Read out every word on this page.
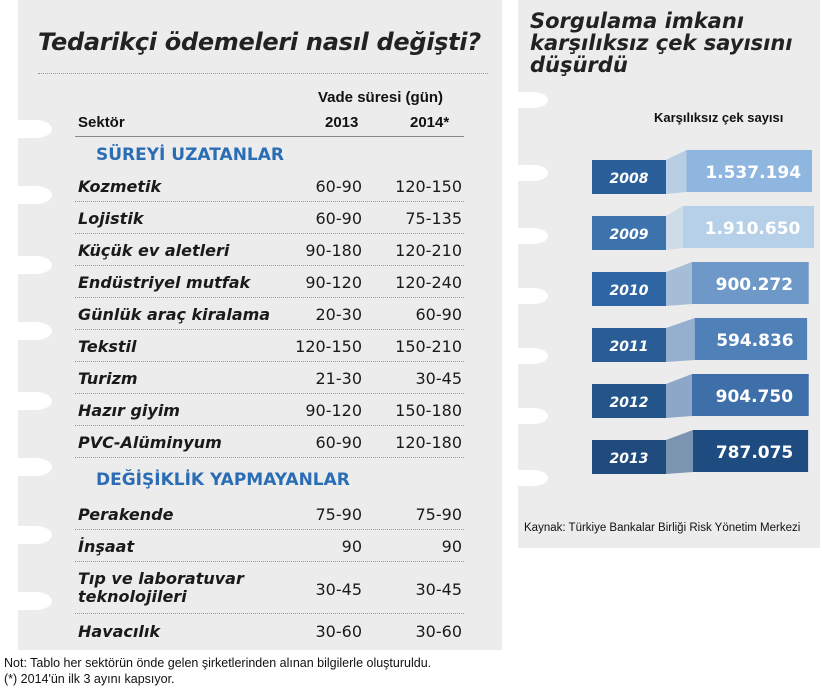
Tedarikçi ödemeleri nasıl değişti?
Vade süresi (gün)
Sektör	2013	2014*
SÜREYİ UZATANLAR
Kozmetik	60-90 120-150
Lojistik	60-90	75-135
Küçük ev aletleri	90-180 120-210
Endüstriyel mutfak	90-120 120-240
Günlük araç kiralama	20-30	60-90
Tekstil	120-150 150-210
Turizm	21-30	30-45
Hazır giyim	90-120 150-180
PVC-Alüminyum	60-90 120-180
DEĞİŞİKLİK YAPMAYANLAR
Perakende	75-90	75-90
İnşaat	90	90
Tıp ve laboratuvar
teknolojileri	30-45	30-45
Havacılık	30-60	30-60
Not: Tablo her sektörün önde gelen şirketlerinden alınan bilgilerle oluşturuldu.
(*) 2014'ün ilk 3 ayını kapsıyor.
Sorgulama imkanı
karşılıksız çek sayısını
düşürdü
Karşılıksız çek sayısı
2008	1.537.194
2009	1.910.650
2010	900.272
2011	594.836
2012	904.750
2013	787.075
Kaynak: Türkiye Bankalar Birliği Risk Yönetim Merkezi
